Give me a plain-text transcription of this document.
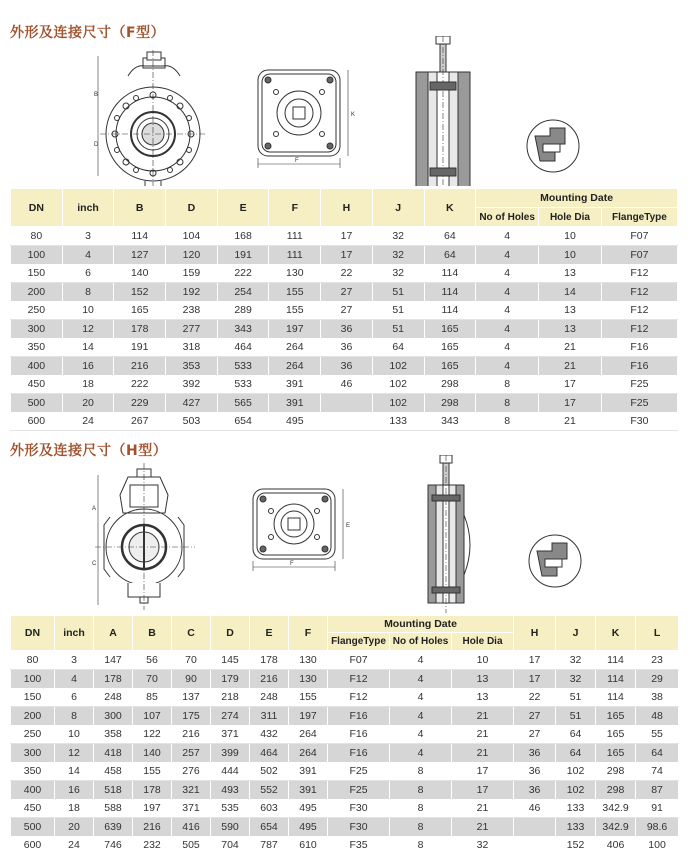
外形及连接尺寸（F型）
B
D
F
K
DN	inch	B	D	E	F	H	J	K	Mounting Date		
									No of Holes	Hole Dia	FlangeType
80	3	114	104	168	111	17	32	64	4	10	F07
100	4	127	120	191	111	17	32	64	4	10	F07
150	6	140	159	222	130	22	32	114	4	13	F12
200	8	152	192	254	155	27	51	114	4	14	F12
250	10	165	238	289	155	27	51	114	4	13	F12
300	12	178	277	343	197	36	51	165	4	13	F12
350	14	191	318	464	264	36	64	165	4	21	F16
400	16	216	353	533	264	36	102	165	4	21	F16
450	18	222	392	533	391	46	102	298	8	17	F25
500	20	229	427	565	391		102	298	8	17	F25
600	24	267	503	654	495		133	343	8	21	F30
外形及连接尺寸（H型）
A
C	F
E
DN	inch	A	B	C	D	E	F	Mounting Date			H	J	K	L
								FlangeType	No of Holes	Hole Dia				
80	3	147	56	70	145	178	130	F07	4	10	17	32	114	23
100	4	178	70	90	179	216	130	F12	4	13	17	32	114	29
150	6	248	85	137	218	248	155	F12	4	13	22	51	114	38
200	8	300	107	175	274	311	197	F16	4	21	27	51	165	48
250	10	358	122	216	371	432	264	F16	4	21	27	64	165	55
300	12	418	140	257	399	464	264	F16	4	21	36	64	165	64
350	14	458	155	276	444	502	391	F25	8	17	36	102	298	74
400	16	518	178	321	493	552	391	F25	8	17	36	102	298	87
450	18	588	197	371	535	603	495	F30	8	21	46	133	342.9	91
500	20	639	216	416	590	654	495	F30	8	21		133	342.9	98.6
600	24	746	232	505	704	787	610	F35	8	32		152	406	100
